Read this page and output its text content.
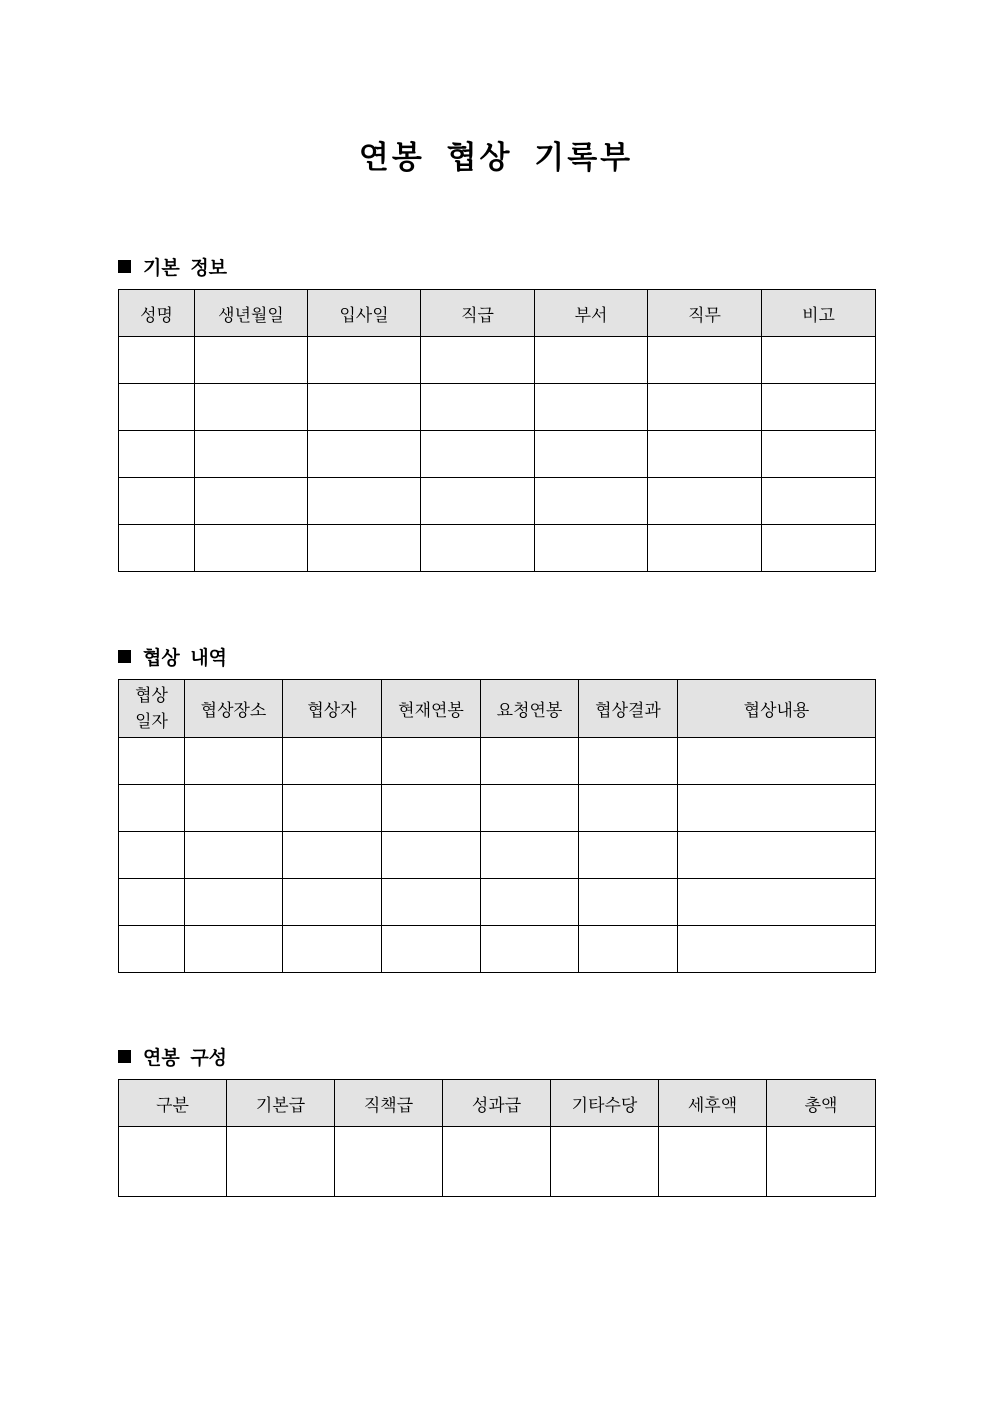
연봉 협상 기록부
기본 정보
성명	생년월일	입사일	직급	부서	직무	비고

협상 내역
협상
일자	협상장소	협상자	현재연봉	요청연봉	협상결과	협상내용

연봉 구성
구분	기본급	직책급	성과급	기타수당	세후액	총액
